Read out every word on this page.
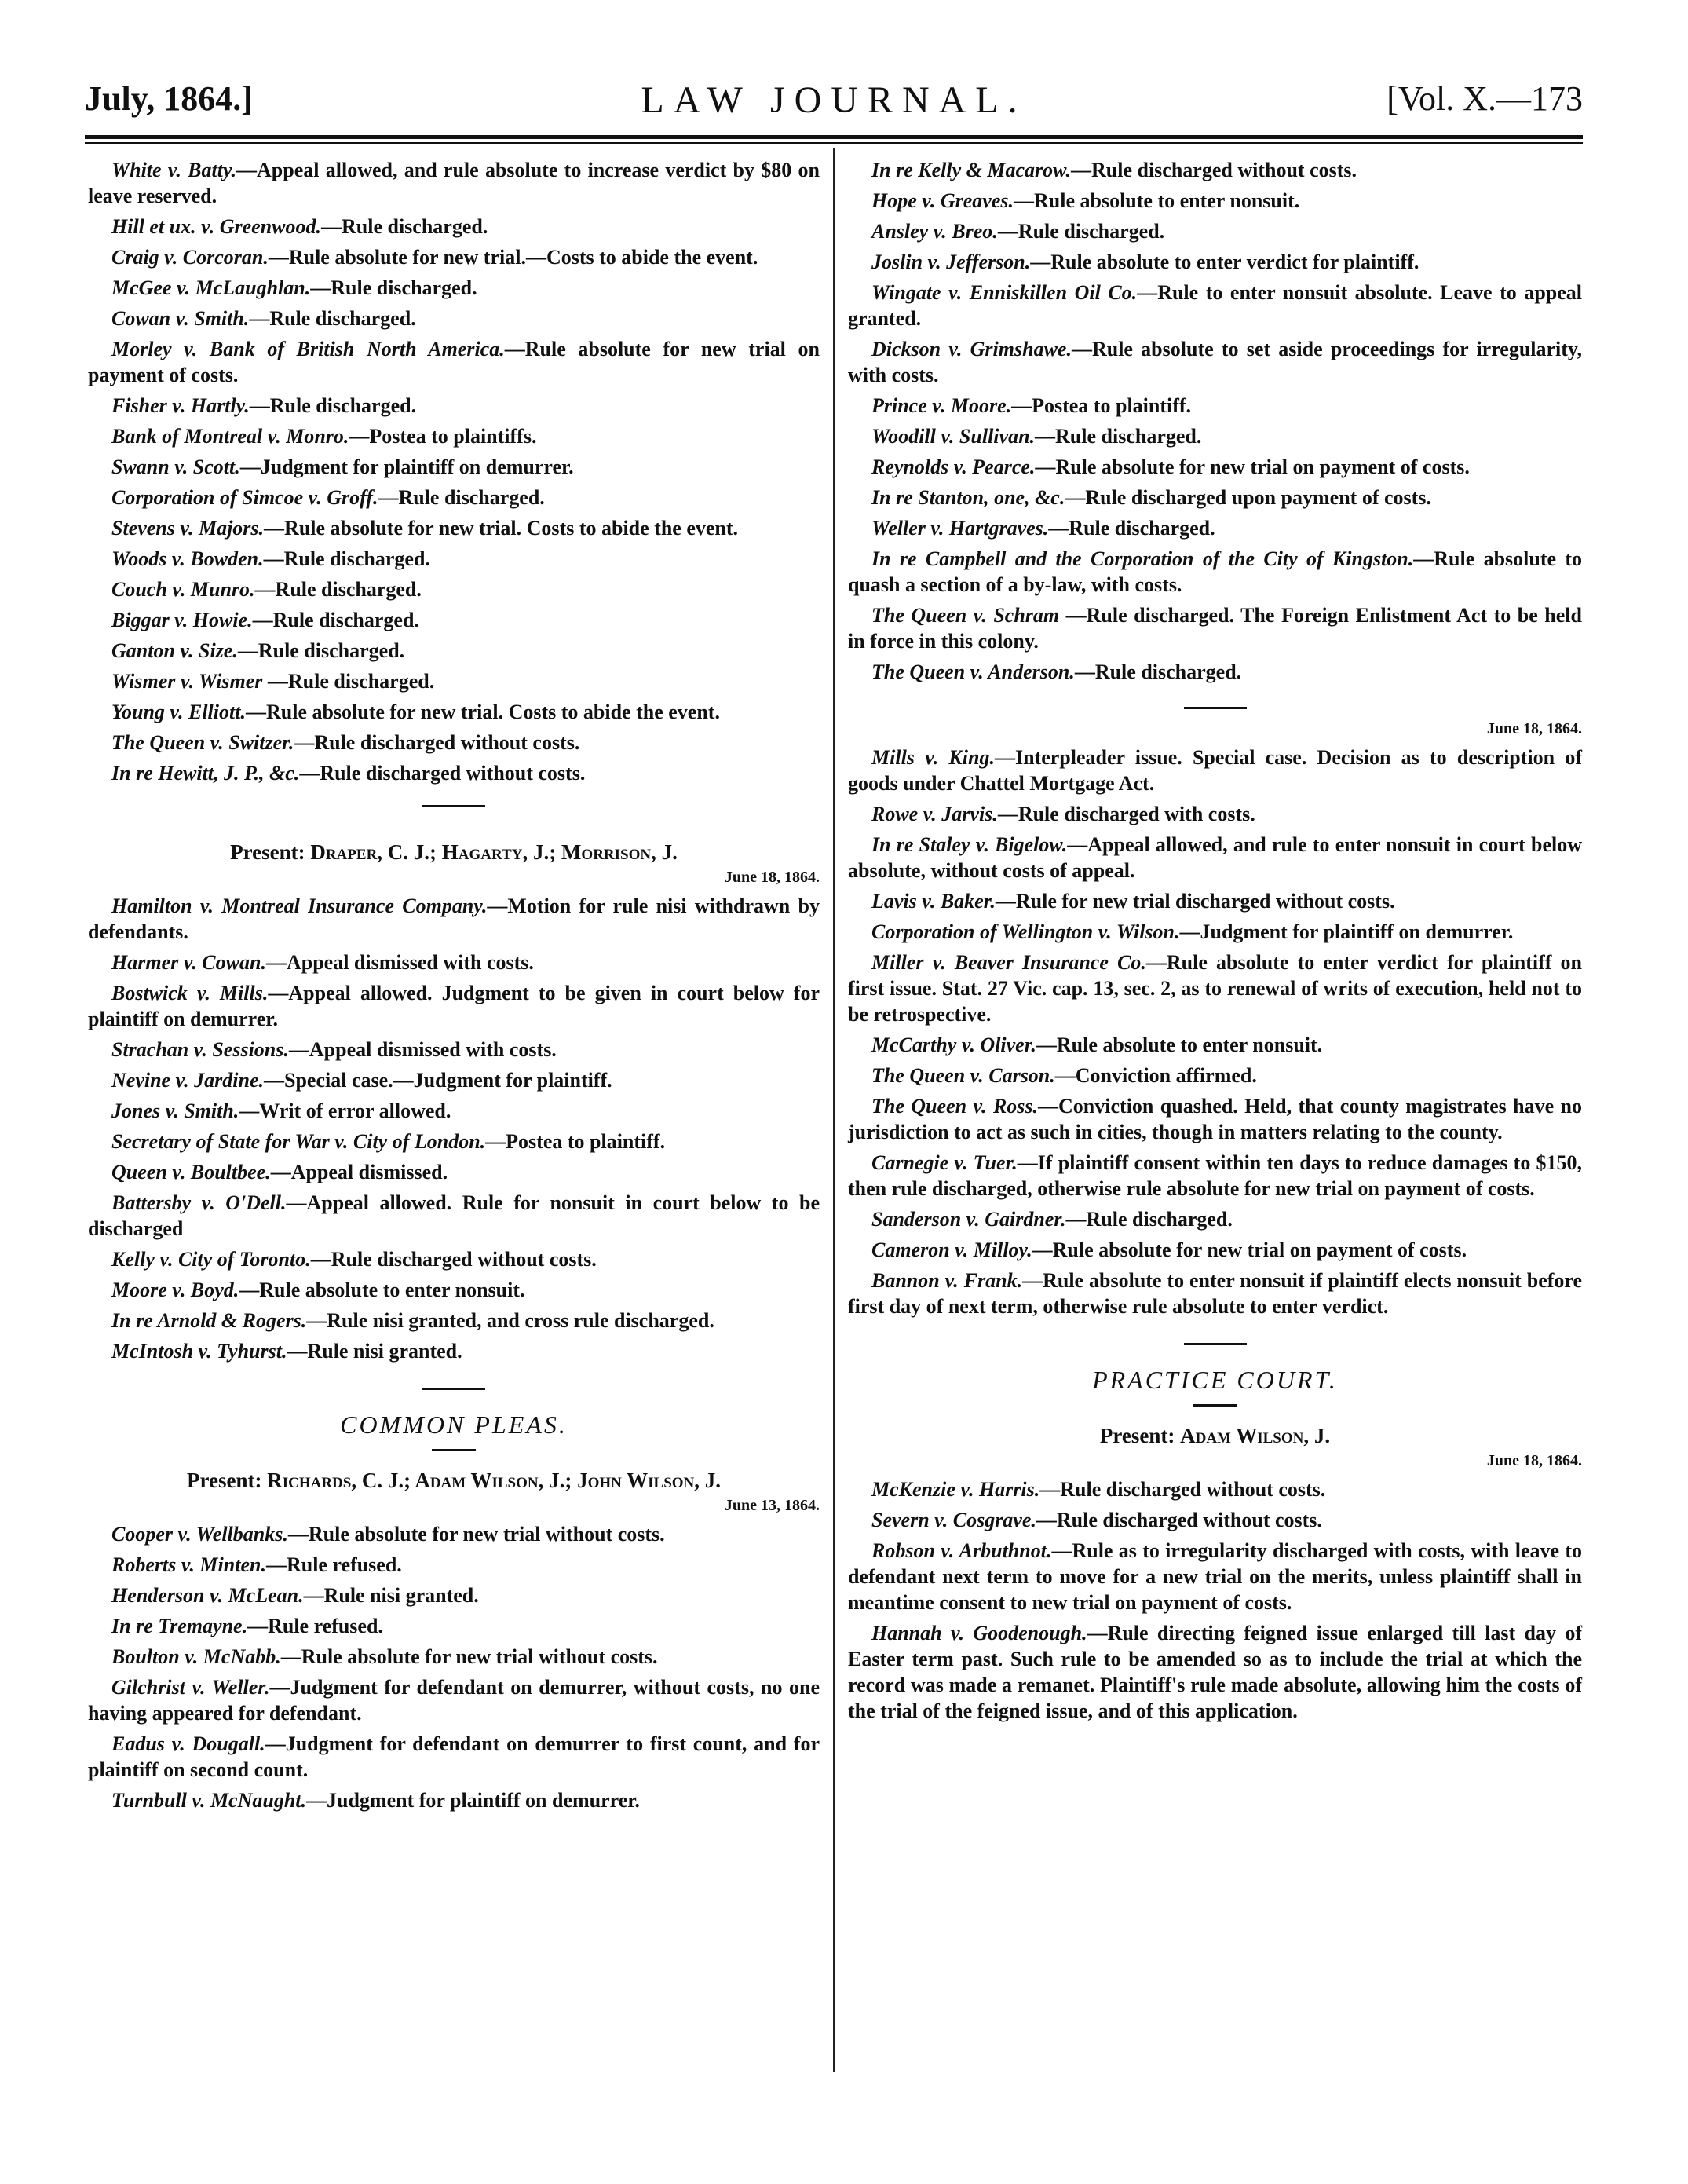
July, 1864.]	LAW JOURNAL.	[Vol. X.—173

White v. Batty.—Appeal allowed, and rule absolute to increase verdict by $80 on leave reserved.

Hill et ux. v. Greenwood.—Rule discharged.

Craig v. Corcoran.—Rule absolute for new trial.—Costs to abide the event.

McGee v. McLaughlan.—Rule discharged.

Cowan v. Smith.—Rule discharged.

Morley v. Bank of British North America.—Rule absolute for new trial on payment of costs.

Fisher v. Hartly.—Rule discharged.

Bank of Montreal v. Monro.—Postea to plaintiffs.

Swann v. Scott.—Judgment for plaintiff on demurrer.

Corporation of Simcoe v. Groff.—Rule discharged.

Stevens v. Majors.—Rule absolute for new trial. Costs to abide the event.

Woods v. Bowden.—Rule discharged.

Couch v. Munro.—Rule discharged.

Biggar v. Howie.—Rule discharged.

Ganton v. Size.—Rule discharged.

Wismer v. Wismer —Rule discharged.

Young v. Elliott.—Rule absolute for new trial. Costs to abide the event.

The Queen v. Switzer.—Rule discharged without costs.

In re Hewitt, J. P., &c.—Rule discharged without costs.

Present: Draper, C. J.; Hagarty, J.; Morrison, J.
June 18, 1864.

Hamilton v. Montreal Insurance Company.—Motion for rule nisi withdrawn by defendants.

Harmer v. Cowan.—Appeal dismissed with costs.

Bostwick v. Mills.—Appeal allowed. Judgment to be given in court below for plaintiff on demurrer.

Strachan v. Sessions.—Appeal dismissed with costs.

Nevine v. Jardine.—Special case.—Judgment for plaintiff.

Jones v. Smith.—Writ of error allowed.

Secretary of State for War v. City of London.—Postea to plaintiff.

Queen v. Boultbee.—Appeal dismissed.

Battersby v. O'Dell.—Appeal allowed. Rule for nonsuit in court below to be discharged

Kelly v. City of Toronto.—Rule discharged without costs.

Moore v. Boyd.—Rule absolute to enter nonsuit.

In re Arnold & Rogers.—Rule nisi granted, and cross rule discharged.

McIntosh v. Tyhurst.—Rule nisi granted.

COMMON PLEAS.
Present: Richards, C. J.; Adam Wilson, J.; John Wilson, J.
June 13, 1864.

Cooper v. Wellbanks.—Rule absolute for new trial without costs.

Roberts v. Minten.—Rule refused.

Henderson v. McLean.—Rule nisi granted.

In re Tremayne.—Rule refused.

Boulton v. McNabb.—Rule absolute for new trial without costs.

Gilchrist v. Weller.—Judgment for defendant on demurrer, without costs, no one having appeared for defendant.

Eadus v. Dougall.—Judgment for defendant on demurrer to first count, and for plaintiff on second count.

Turnbull v. McNaught.—Judgment for plaintiff on demurrer.

In re Kelly & Macarow.—Rule discharged without costs.

Hope v. Greaves.—Rule absolute to enter nonsuit.

Ansley v. Breo.—Rule discharged.

Joslin v. Jefferson.—Rule absolute to enter verdict for plaintiff.

Wingate v. Enniskillen Oil Co.—Rule to enter nonsuit absolute. Leave to appeal granted.

Dickson v. Grimshawe.—Rule absolute to set aside proceedings for irregularity, with costs.

Prince v. Moore.—Postea to plaintiff.

Woodill v. Sullivan.—Rule discharged.

Reynolds v. Pearce.—Rule absolute for new trial on payment of costs.

In re Stanton, one, &c.—Rule discharged upon payment of costs.

Weller v. Hartgraves.—Rule discharged.

In re Campbell and the Corporation of the City of Kingston.—Rule absolute to quash a section of a by-law, with costs.

The Queen v. Schram —Rule discharged. The Foreign Enlistment Act to be held in force in this colony.

The Queen v. Anderson.—Rule discharged.

June 18, 1864.

Mills v. King.—Interpleader issue. Special case. Decision as to description of goods under Chattel Mortgage Act.

Rowe v. Jarvis.—Rule discharged with costs.

In re Staley v. Bigelow.—Appeal allowed, and rule to enter nonsuit in court below absolute, without costs of appeal.

Lavis v. Baker.—Rule for new trial discharged without costs.

Corporation of Wellington v. Wilson.—Judgment for plaintiff on demurrer.

Miller v. Beaver Insurance Co.—Rule absolute to enter verdict for plaintiff on first issue. Stat. 27 Vic. cap. 13, sec. 2, as to renewal of writs of execution, held not to be retrospective.

McCarthy v. Oliver.—Rule absolute to enter nonsuit.

The Queen v. Carson.—Conviction affirmed.

The Queen v. Ross.—Conviction quashed. Held, that county magistrates have no jurisdiction to act as such in cities, though in matters relating to the county.

Carnegie v. Tuer.—If plaintiff consent within ten days to reduce damages to $150, then rule discharged, otherwise rule absolute for new trial on payment of costs.

Sanderson v. Gairdner.—Rule discharged.

Cameron v. Milloy.—Rule absolute for new trial on payment of costs.

Bannon v. Frank.—Rule absolute to enter nonsuit if plaintiff elects nonsuit before first day of next term, otherwise rule absolute to enter verdict.

PRACTICE COURT.
Present: Adam Wilson, J.
June 18, 1864.

McKenzie v. Harris.—Rule discharged without costs.

Severn v. Cosgrave.—Rule discharged without costs.

Robson v. Arbuthnot.—Rule as to irregularity discharged with costs, with leave to defendant next term to move for a new trial on the merits, unless plaintiff shall in meantime consent to new trial on payment of costs.

Hannah v. Goodenough.—Rule directing feigned issue enlarged till last day of Easter term past. Such rule to be amended so as to include the trial at which the record was made a remanet. Plaintiff's rule made absolute, allowing him the costs of the trial of the feigned issue, and of this application.
